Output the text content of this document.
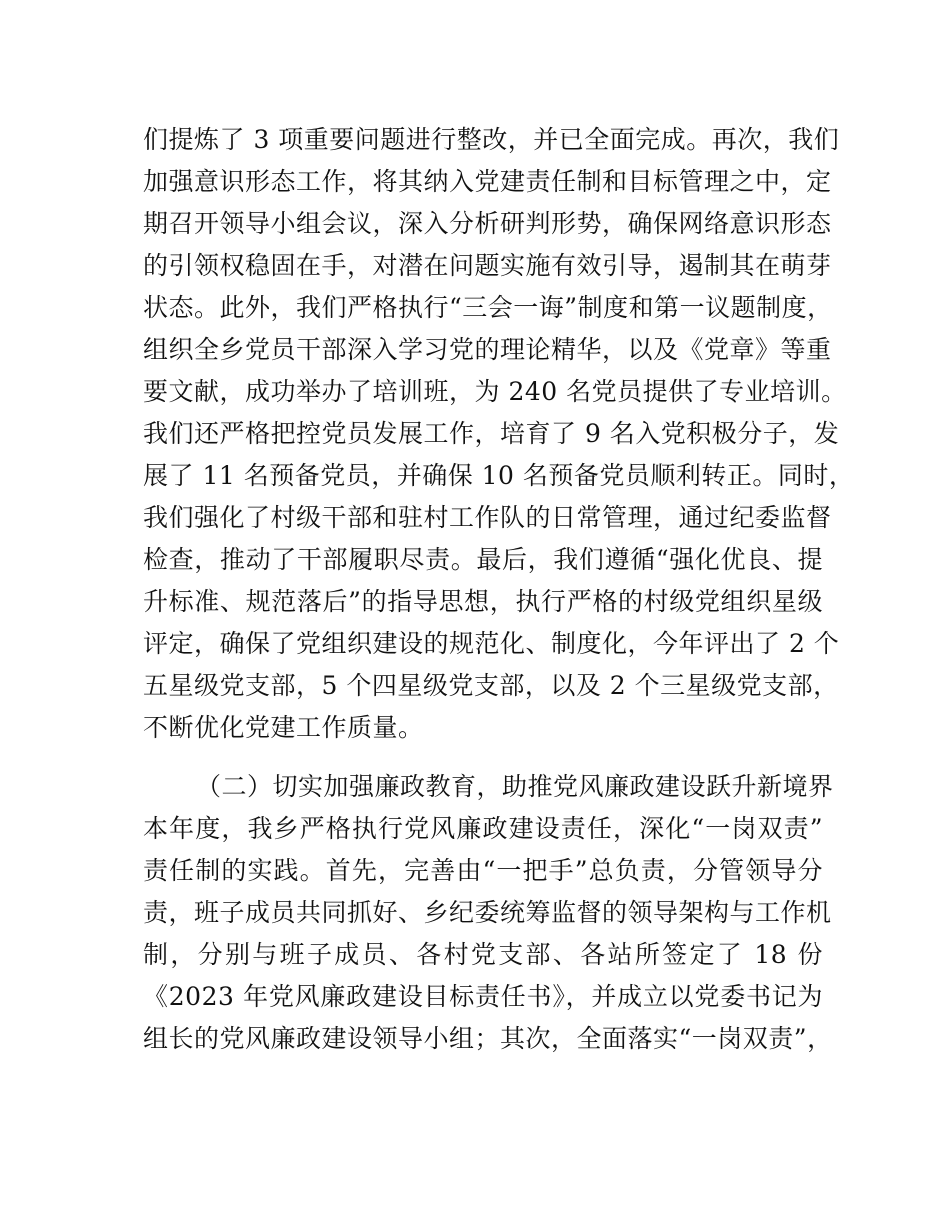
们提炼了 3 项重要问题进行整改，并已全面完成。再次，我们
加强意识形态工作，将其纳入党建责任制和目标管理之中，定
期召开领导小组会议，深入分析研判形势，确保网络意识形态
的引领权稳固在手，对潜在问题实施有效引导，遏制其在萌芽
状态。此外，我们严格执行“三会一诲”制度和第一议题制度，
组织全乡党员干部深入学习党的理论精华，以及《党章》等重
要文献，成功举办了培训班，为 240 名党员提供了专业培训。
我们还严格把控党员发展工作，培育了 9 名入党积极分子，发
展了 11 名预备党员，并确保 10 名预备党员顺利转正。同时，
我们强化了村级干部和驻村工作队的日常管理，通过纪委监督
检查，推动了干部履职尽责。最后，我们遵循“强化优良、提
升标准、规范落后”的指导思想，执行严格的村级党组织星级
评定，确保了党组织建设的规范化、制度化，今年评出了 2 个
五星级党支部，5 个四星级党支部，以及 2 个三星级党支部，
不断优化党建工作质量。
（二）切实加强廉政教育，助推党风廉政建设跃升新境界
本年度，我乡严格执行党风廉政建设责任，深化“一岗双责”
责任制的实践。首先，完善由“一把手”总负责，分管领导分
责，班子成员共同抓好、乡纪委统筹监督的领导架构与工作机
制，分别与班子成员、各村党支部、各站所签定了 18 份
《2023 年党风廉政建设目标责任书》，并成立以党委书记为
组长的党风廉政建设领导小组；其次，全面落实“一岗双责”，
